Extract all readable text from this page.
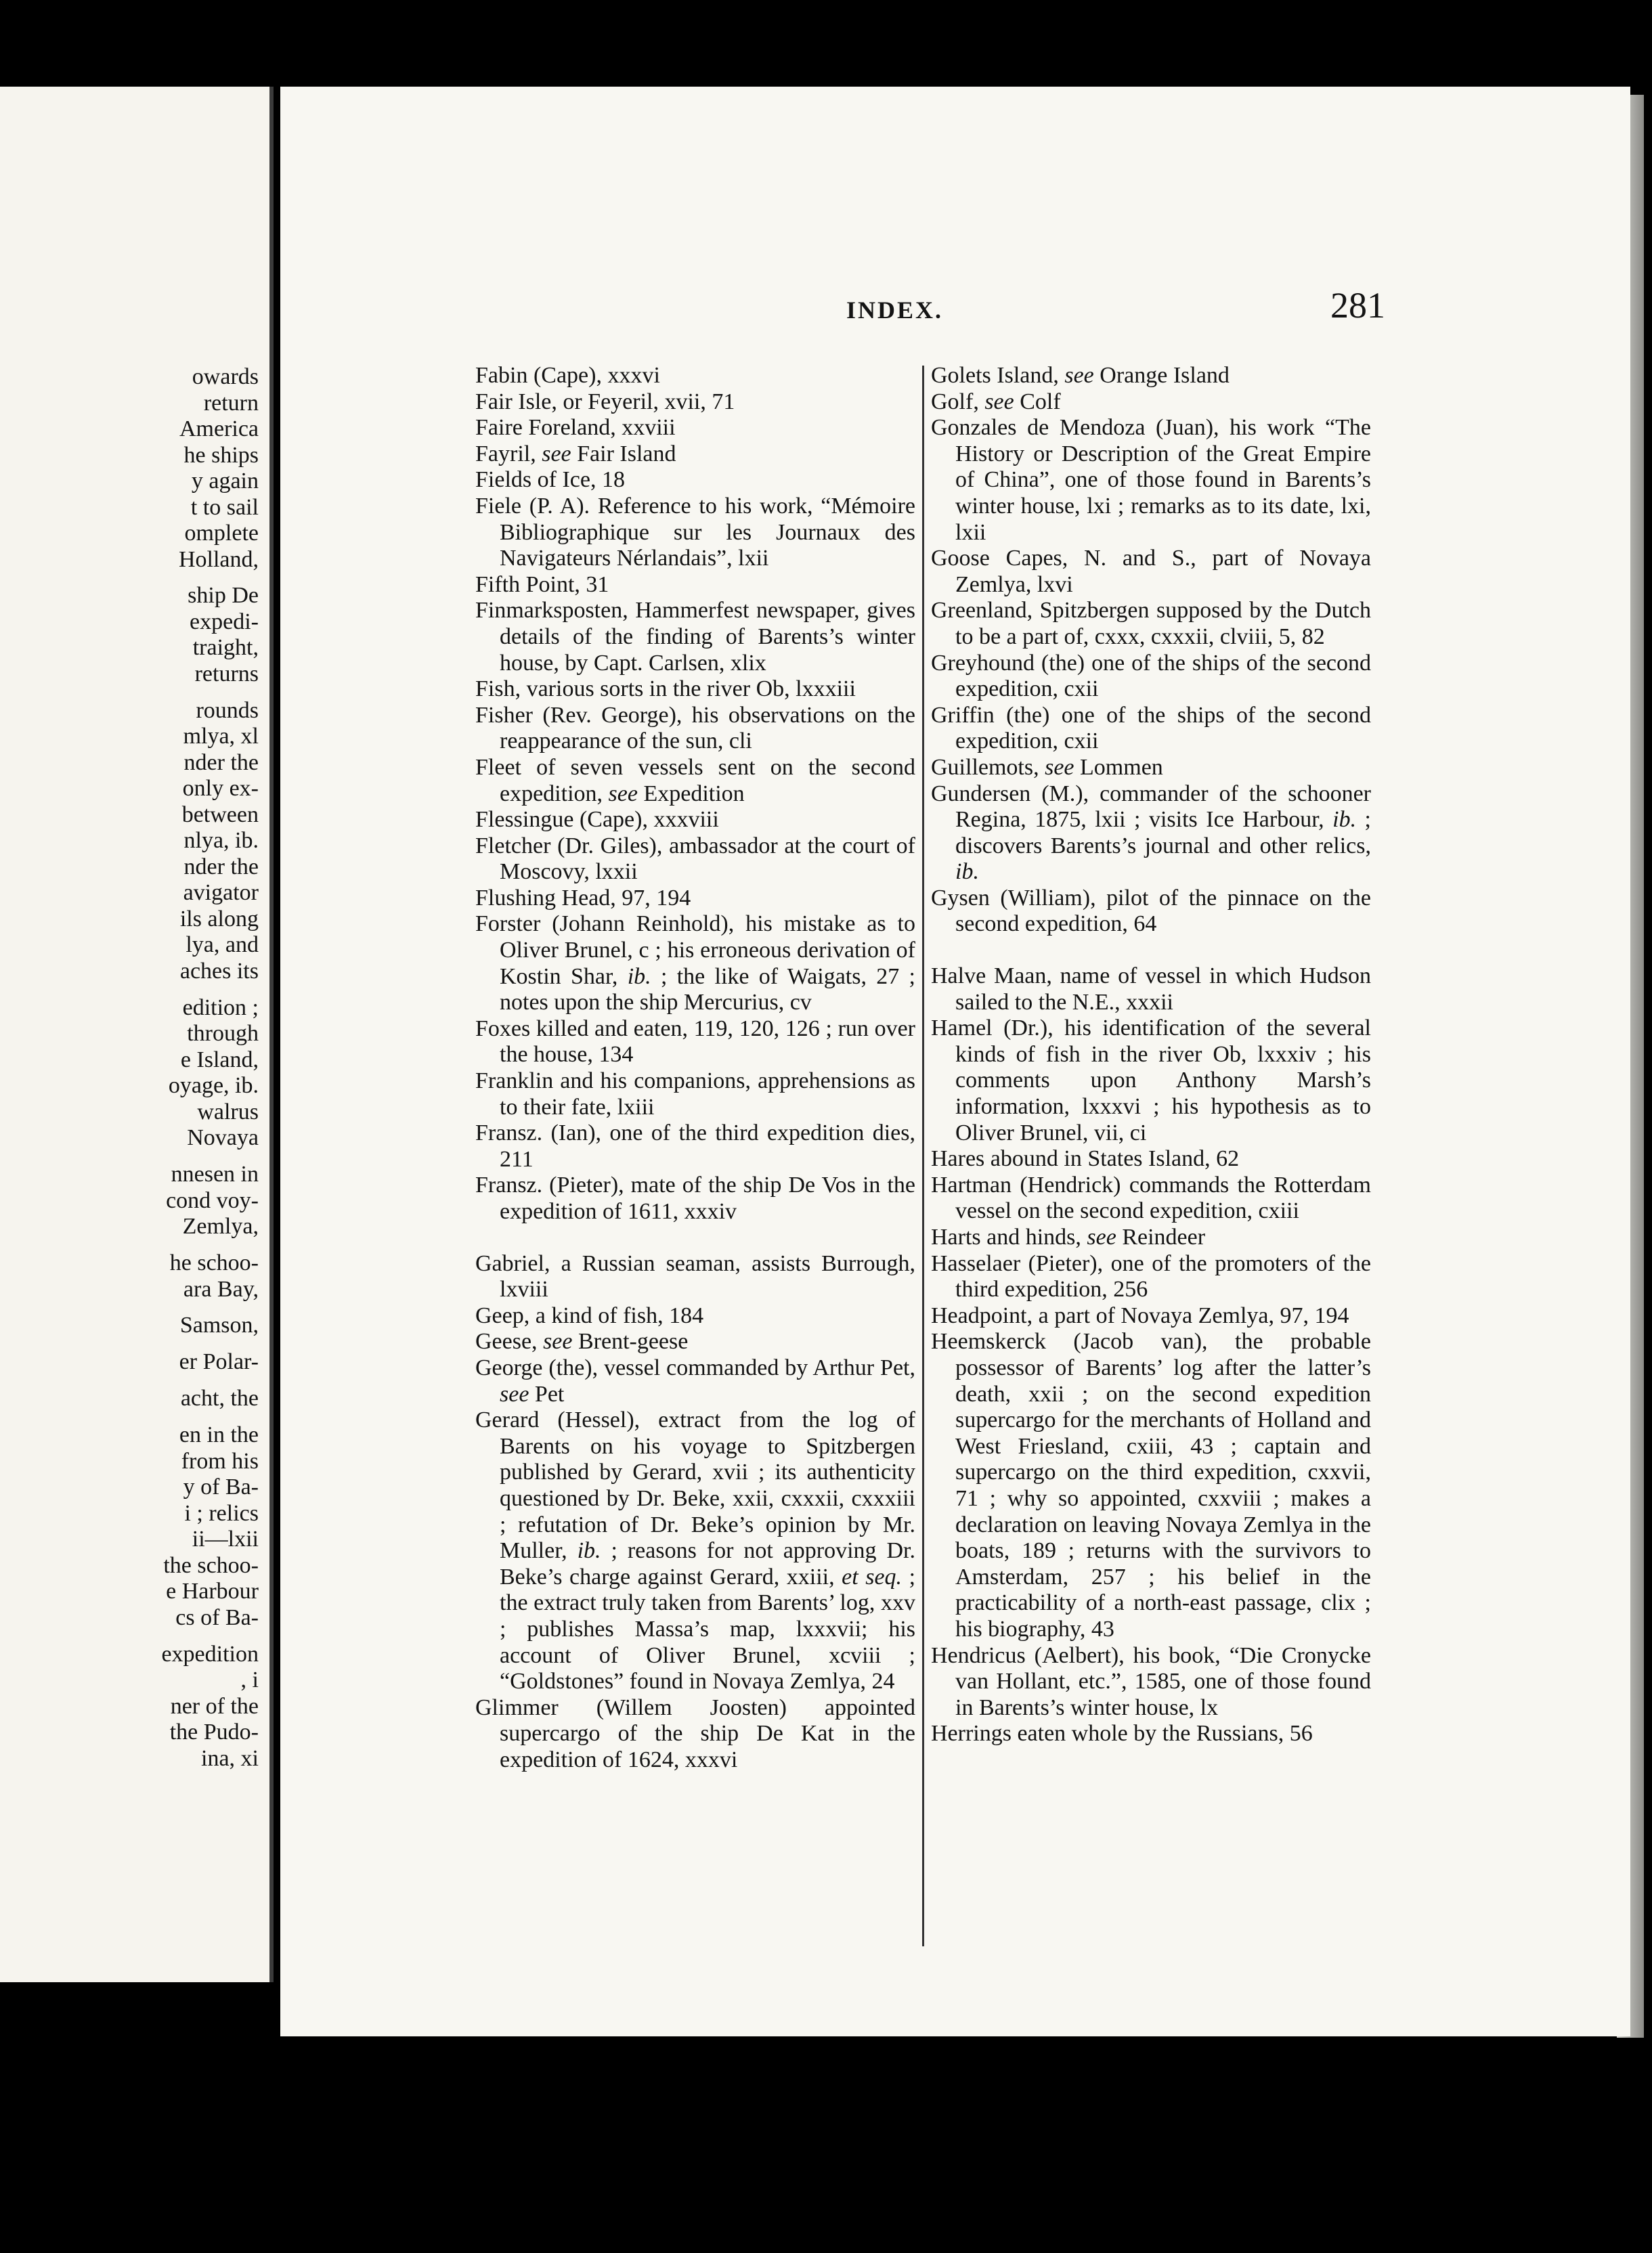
owards
return
America
he ships
y again
t to sail
omplete
Holland,
ship De
expedi-
traight,
returns
rounds
mlya, xl
nder the
only ex-
between
nlya, ib.
nder the
avigator
ils along
lya, and
aches its
edition ;
through
e Island,
oyage, ib.
walrus
Novaya
nnesen in
cond voy-
Zemlya,
he schoo-
ara Bay,
Samson,
er Polar-
acht, the
en in the
from his
y of Ba-
i ; relics
ii—lxii
the schoo-
e Harbour
cs of Ba-
expedition
, i
ner of the
the Pudo-
ina, xi
INDEX.	281
Fabin (Cape), xxxvi
Fair Isle, or Feyeril, xvii, 71
Faire Foreland, xxviii
Fayril, see Fair Island
Fields of Ice, 18
Fiele (P. A). Reference to his work, “Mémoire Bibliographique sur les Journaux des Navigateurs Nérlandais”, lxii
Fifth Point, 31
Finmarksposten, Hammerfest newspaper, gives details of the finding of Barents’s winter house, by Capt. Carlsen, xlix
Fish, various sorts in the river Ob, lxxxiii
Fisher (Rev. George), his observations on the reappearance of the sun, cli
Fleet of seven vessels sent on the second expedition, see Expedition
Flessingue (Cape), xxxviii
Fletcher (Dr. Giles), ambassador at the court of Moscovy, lxxii
Flushing Head, 97, 194
Forster (Johann Reinhold), his mistake as to Oliver Brunel, c ; his erroneous derivation of Kostin Shar, ib. ; the like of Waigats, 27 ; notes upon the ship Mercurius, cv
Foxes killed and eaten, 119, 120, 126 ; run over the house, 134
Franklin and his companions, apprehensions as to their fate, lxiii
Fransz. (Ian), one of the third expedition dies, 211
Fransz. (Pieter), mate of the ship De Vos in the expedition of 1611, xxxiv
Gabriel, a Russian seaman, assists Burrough, lxviii
Geep, a kind of fish, 184
Geese, see Brent-geese
George (the), vessel commanded by Arthur Pet, see Pet
Gerard (Hessel), extract from the log of Barents on his voyage to Spitzbergen published by Gerard, xvii ; its authenticity questioned by Dr. Beke, xxii, cxxxii, cxxxiii ; refutation of Dr. Beke’s opinion by Mr. Muller, ib. ; reasons for not approving Dr. Beke’s charge against Gerard, xxiii, et seq. ; the extract truly taken from Barents’ log, xxv ; publishes Massa’s map, lxxxvii; his account of Oliver Brunel, xcviii ; “Goldstones” found in Novaya Zemlya, 24
Glimmer (Willem Joosten) appointed supercargo of the ship De Kat in the expedition of 1624, xxxvi
Golets Island, see Orange Island
Golf, see Colf
Gonzales de Mendoza (Juan), his work “The History or Description of the Great Empire of China”, one of those found in Barents’s winter house, lxi ; remarks as to its date, lxi, lxii
Goose Capes, N. and S., part of Novaya Zemlya, lxvi
Greenland, Spitzbergen supposed by the Dutch to be a part of, cxxx, cxxxii, clviii, 5, 82
Greyhound (the) one of the ships of the second expedition, cxii
Griffin (the) one of the ships of the second expedition, cxii
Guillemots, see Lommen
Gundersen (M.), commander of the schooner Regina, 1875, lxii ; visits Ice Harbour, ib. ; discovers Barents’s journal and other relics, ib.
Gysen (William), pilot of the pinnace on the second expedition, 64
Halve Maan, name of vessel in which Hudson sailed to the N.E., xxxii
Hamel (Dr.), his identification of the several kinds of fish in the river Ob, lxxxiv ; his comments upon Anthony Marsh’s information, lxxxvi ; his hypothesis as to Oliver Brunel, vii, ci
Hares abound in States Island, 62
Hartman (Hendrick) commands the Rotterdam vessel on the second expedition, cxiii
Harts and hinds, see Reindeer
Hasselaer (Pieter), one of the promoters of the third expedition, 256
Headpoint, a part of Novaya Zemlya, 97, 194
Heemskerck (Jacob van), the probable possessor of Barents’ log after the latter’s death, xxii ; on the second expedition supercargo for the merchants of Holland and West Friesland, cxiii, 43 ; captain and supercargo on the third expedition, cxxvii, 71 ; why so appointed, cxxviii ; makes a declaration on leaving Novaya Zemlya in the boats, 189 ; returns with the survivors to Amsterdam, 257 ; his belief in the practicability of a north-east passage, clix ; his biography, 43
Hendricus (Aelbert), his book, “Die Cronycke van Hollant, etc.”, 1585, one of those found in Barents’s winter house, lx
Herrings eaten whole by the Russians, 56
